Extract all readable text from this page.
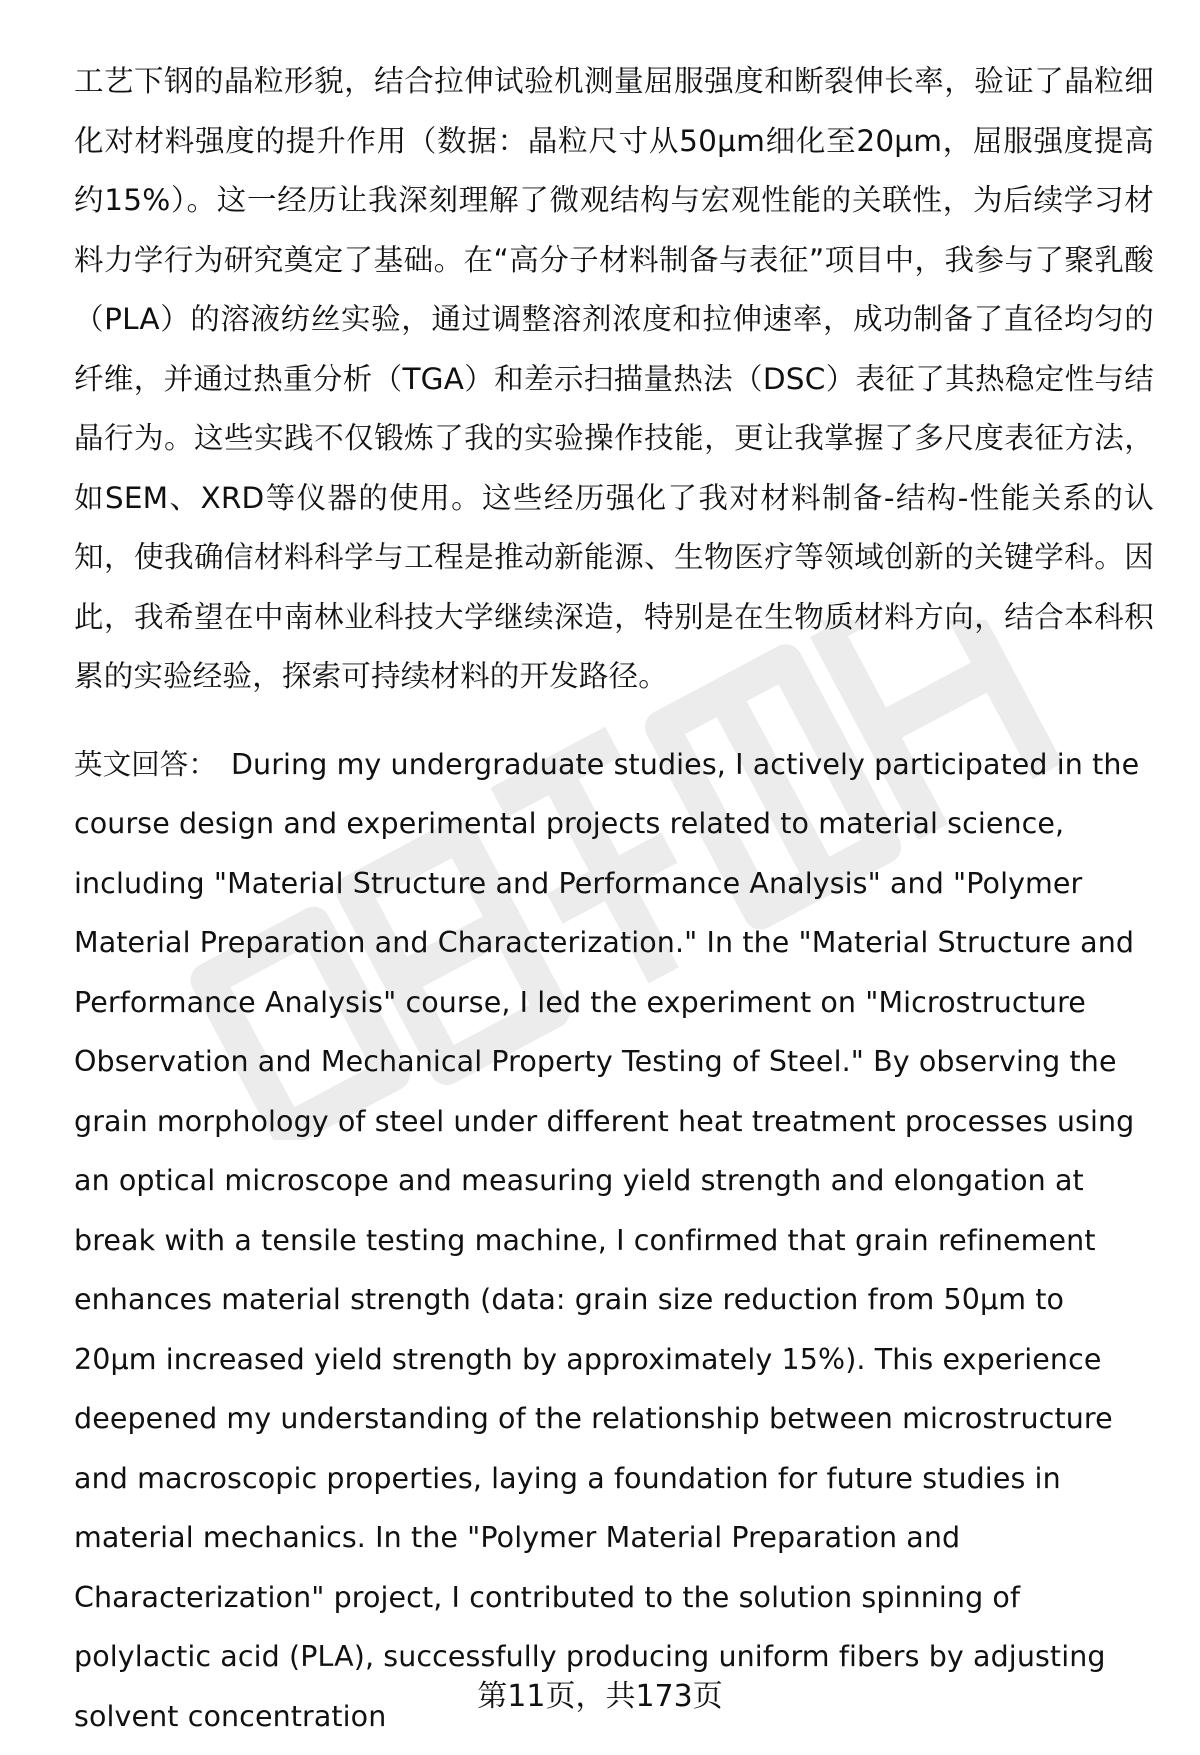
工艺下钢的晶粒形貌，结合拉伸试验机测量屈服强度和断裂伸长率，验证了晶粒细化对材料强度的提升作用（数据：晶粒尺寸从50μm细化至20μm，屈服强度提高约15%）。这一经历让我深刻理解了微观结构与宏观性能的关联性，为后续学习材料力学行为研究奠定了基础。在“高分子材料制备与表征”项目中，我参与了聚乳酸（PLA）的溶液纺丝实验，通过调整溶剂浓度和拉伸速率，成功制备了直径均匀的纤维，并通过热重分析（TGA）和差示扫描量热法（DSC）表征了其热稳定性与结晶行为。这些实践不仅锻炼了我的实验操作技能，更让我掌握了多尺度表征方法，如SEM、XRD等仪器的使用。这些经历强化了我对材料制备-结构-性能关系的认知，使我确信材料科学与工程是推动新能源、生物医疗等领域创新的关键学科。因此，我希望在中南林业科技大学继续深造，特别是在生物质材料方向，结合本科积累的实验经验，探索可持续材料的开发路径。

英文回答： During my undergraduate studies, I actively participated in the course design and experimental projects related to material science, including "Material Structure and Performance Analysis" and "Polymer Material Preparation and Characterization." In the "Material Structure and Performance Analysis" course, I led the experiment on "Microstructure Observation and Mechanical Property Testing of Steel." By observing the grain morphology of steel under different heat treatment processes using an optical microscope and measuring yield strength and elongation at break with a tensile testing machine, I confirmed that grain refinement enhances material strength (data: grain size reduction from 50μm to 20μm increased yield strength by approximately 15%). This experience deepened my understanding of the relationship between microstructure and macroscopic properties, laying a foundation for future studies in material mechanics. In the "Polymer Material Preparation and Characterization" project, I contributed to the solution spinning of polylactic acid (PLA), successfully producing uniform fibers by adjusting solvent concentration

第11页，共173页
